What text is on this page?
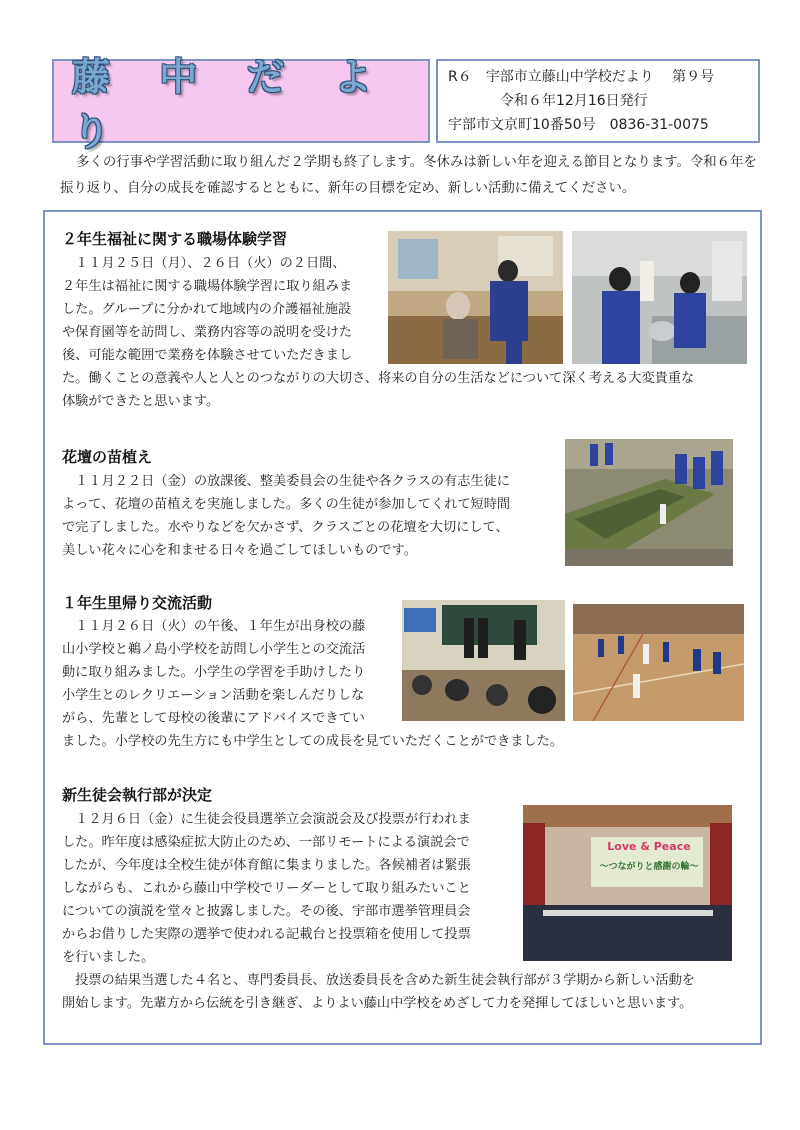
藤 中 だ よ り
R６　宇部市立藤山中学校だより　 第９号
令和６年12月16日発行
宇部市文京町10番50号　0836-31-0075
多くの行事や学習活動に取り組んだ２学期も終了します。冬休みは新しい年を迎える節目となります。令和６年を振り返り、自分の成長を確認するとともに、新年の目標を定め、新しい活動に備えてください。
２年生福祉に関する職場体験学習
　１１月２５日（月）、２６日（火）の２日間、
２年生は福祉に関する職場体験学習に取り組みま
した。グループに分かれて地域内の介護福祉施設
や保育園等を訪問し、業務内容等の説明を受けた
後、可能な範囲で業務を体験させていただきまし
た。働くことの意義や人と人とのつながりの大切さ、将来の自分の生活などについて深く考える大変貴重な
体験ができたと思います。
花壇の苗植え
　１１月２２日（金）の放課後、整美委員会の生徒や各クラスの有志生徒に
よって、花壇の苗植えを実施しました。多くの生徒が参加してくれて短時間
で完了しました。水やりなどを欠かさず、クラスごとの花壇を大切にして、
美しい花々に心を和ませる日々を過ごしてほしいものです。
１年生里帰り交流活動
　１１月２６日（火）の午後、１年生が出身校の藤
山小学校と鵜ノ島小学校を訪問し小学生との交流活
動に取り組みました。小学生の学習を手助けしたり
小学生とのレクリエーション活動を楽しんだりしな
がら、先輩として母校の後輩にアドバイスできてい
ました。小学校の先生方にも中学生としての成長を見ていただくことができました。
新生徒会執行部が決定
　１２月６日（金）に生徒会役員選挙立会演説会及び投票が行われま
した。昨年度は感染症拡大防止のため、一部リモートによる演説会で
したが、今年度は全校生徒が体育館に集まりました。各候補者は緊張
しながらも、これから藤山中学校でリーダーとして取り組みたいこと
についての演説を堂々と披露しました。その後、宇部市選挙管理員会
からお借りした実際の選挙で使われる記載台と投票箱を使用して投票
を行いました。
　投票の結果当選した４名と、専門委員長、放送委員長を含めた新生徒会執行部が３学期から新しい活動を
開始します。先輩方から伝統を引き継ぎ、よりよい藤山中学校をめざして力を発揮してほしいと思います。
Love & Peace
～つながりと感謝の輪～
